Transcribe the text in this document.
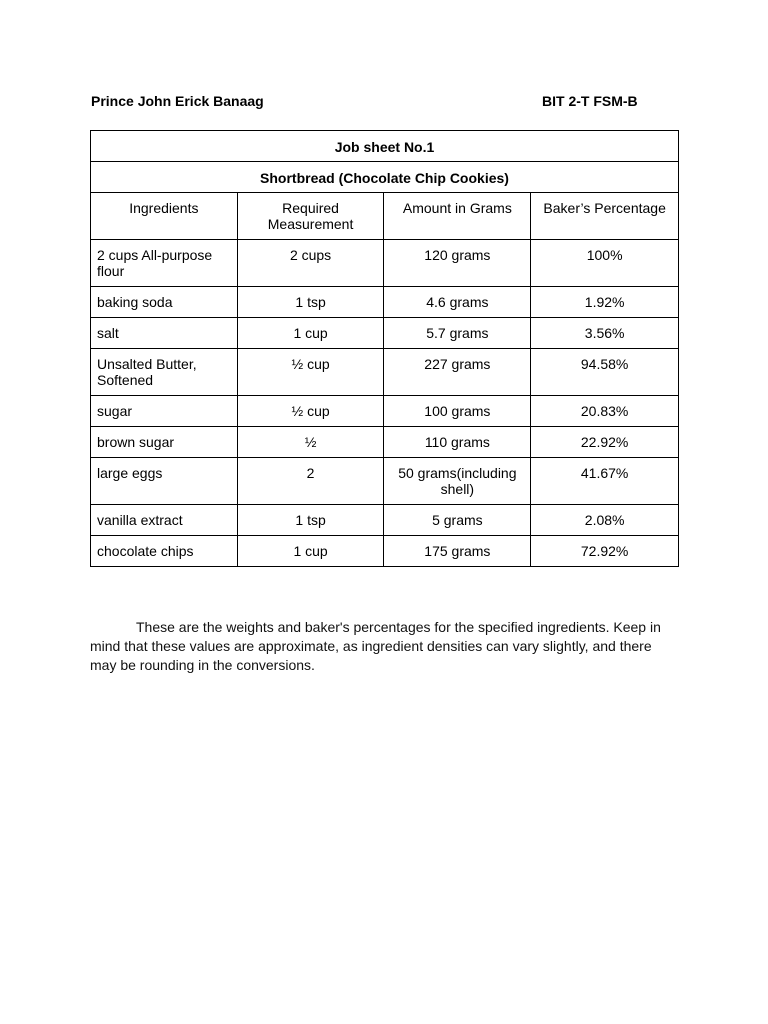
Prince John Erick Banaag	BIT 2-T FSM-B
Job sheet No.1			
Shortbread (Chocolate Chip Cookies)			
Ingredients	Required Measurement	Amount in Grams	Baker’s Percentage
2 cups All-purpose flour	2 cups	120 grams	100%
baking soda	1 tsp	4.6 grams	1.92%
salt	1 cup	5.7 grams	3.56%
Unsalted Butter, Softened	½ cup	227 grams	94.58%
sugar	½ cup	100 grams	20.83%
brown sugar	½	110 grams	22.92%
large eggs	2	50 grams(including shell)	41.67%
vanilla extract	1 tsp	5 grams	2.08%
chocolate chips	1 cup	175 grams	72.92%

These are the weights and baker's percentages for the specified ingredients. Keep in mind that these values are approximate, as ingredient densities can vary slightly, and there may be rounding in the conversions.
